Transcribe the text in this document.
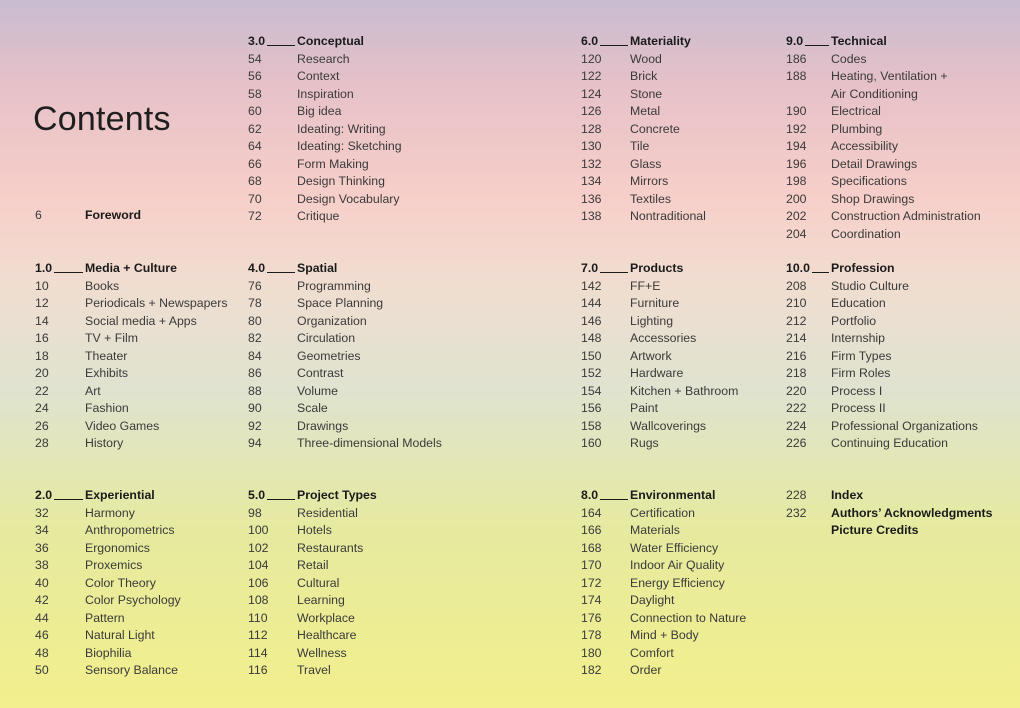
Contents
6	Foreword
1.0	Media + Culture
10	Books
12	Periodicals + Newspapers
14	Social media + Apps
16	TV + Film
18	Theater
20	Exhibits
22	Art
24	Fashion
26	Video Games
28	History
2.0	Experiential
32	Harmony
34	Anthropometrics
36	Ergonomics
38	Proxemics
40	Color Theory
42	Color Psychology
44	Pattern
46	Natural Light
48	Biophilia
50	Sensory Balance
3.0	Conceptual
54	Research
56	Context
58	Inspiration
60	Big idea
62	Ideating: Writing
64	Ideating: Sketching
66	Form Making
68	Design Thinking
70	Design Vocabulary
72	Critique
4.0	Spatial
76	Programming
78	Space Planning
80	Organization
82	Circulation
84	Geometries
86	Contrast
88	Volume
90	Scale
92	Drawings
94	Three-dimensional Models
5.0	Project Types
98	Residential
100 Hotels
102 Restaurants
104 Retail
106 Cultural
108 Learning
110 Workplace
112 Healthcare
114 Wellness
116 Travel
6.0	Materiality
120 Wood
122 Brick
124 Stone
126 Metal
128 Concrete
130 Tile
132 Glass
134 Mirrors
136 Textiles
138 Nontraditional
7.0	Products
142 FF+E
144 Furniture
146 Lighting
148 Accessories
150 Artwork
152 Hardware
154 Kitchen + Bathroom
156 Paint
158 Wallcoverings
160 Rugs
8.0	Environmental
164 Certification
166 Materials
168 Water Efficiency
170 Indoor Air Quality
172 Energy Efficiency
174 Daylight
176 Connection to Nature
178 Mind + Body
180 Comfort
182 Order
9.0 Technical
186 Codes
188 Heating, Ventilation +
Air Conditioning
190 Electrical
192 Plumbing
194 Accessibility
196 Detail Drawings
198 Specifications
200 Shop Drawings
202 Construction Administration
204 Coordination
10.0 Profession
208 Studio Culture
210 Education
212 Portfolio
214 Internship
216 Firm Types
218 Firm Roles
220 Process I
222 Process II
224 Professional Organizations
226 Continuing Education
228 Index
232 Authors’ Acknowledgments
Picture Credits
